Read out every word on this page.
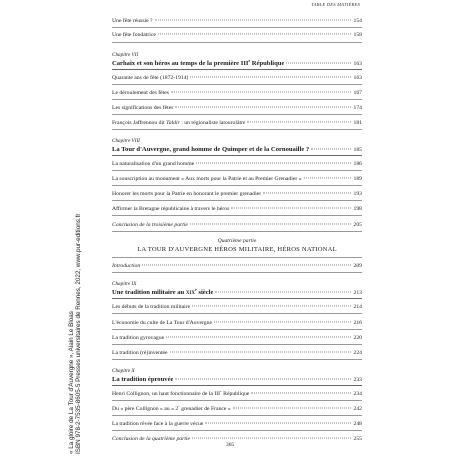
TABLE DES MATIÈRES
« La gloire de La Tour d'Auvergne », Alain Le Bloas ISBN 978-2-7535-8605-5 Presses universitaires de Rennes, 2022, www.pur-editions.fr
Une fête réussie ?	154
Une fête fondatrice	158
Chapitre VII
Carhaix et son héros au temps de la première IIIe République	163
Quarante ans de fête (1872-1914)	163
Le déroulement des fêtes	167
Les significations des fêtes	174
François Jaffrennou dit Taldir : un régionaliste latourolâtre	181
Chapitre VIII
La Tour d'Auvergne, grand homme de Quimper et de la Cornouaille ?	185
La naturalisation d'un grand homme	186
La souscription au monument « Aux morts pour la Patrie et au Premier Grenadier »	189
Honorer les morts pour la Patrie en honorant le premier grenadier	193
Affirmer la Bretagne républicaine à travers le héros	198
Conclusion de la troisième partie	205
Quatrième partie
LA TOUR D'AUVERGNE HÉROS MILITAIRE, HÉROS NATIONAL
Introduction	209
Chapitre IX
Une tradition militaire au xix$^e$ siècle	213
Les débuts de la tradition militaire	214
L'économie du culte de La Tour d'Auvergne	216
La tradition gyrovague	220
La tradition (ré)inventée	224
Chapitre X
La tradition éprouvée	233
Henri Collignon, un haut fonctionnaire de la IIIe République	234
Du « père Collignon » au « 2e grenadier de France »	242
La tradition rêvée face à la guerre vécue	248
Conclusion de la quatrième partie	255
365
